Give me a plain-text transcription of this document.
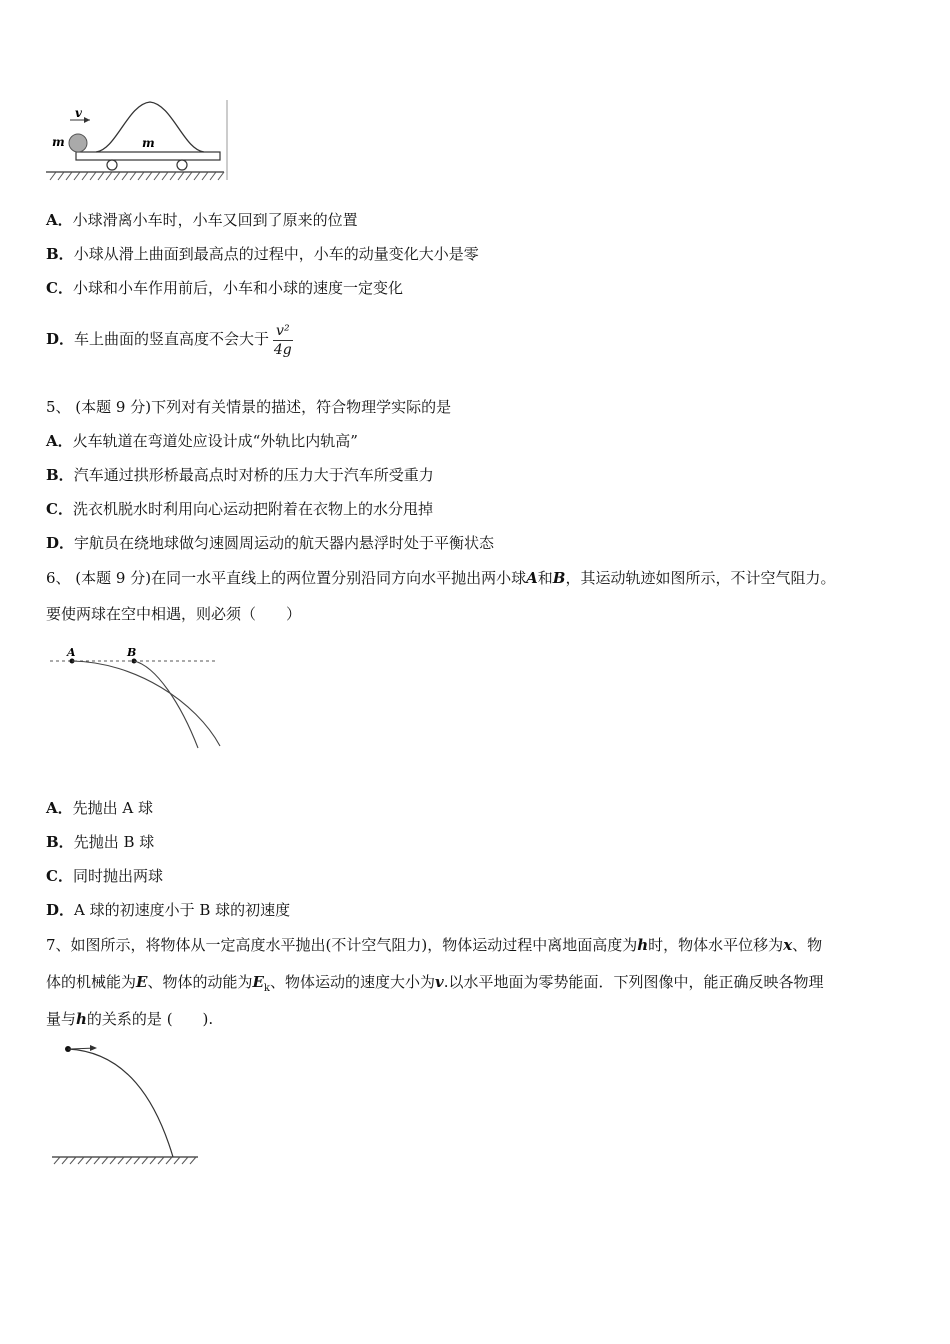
v
m	m
A．小球滑离小车时，小车又回到了原来的位置
B．小球从滑上曲面到最高点的过程中，小车的动量变化大小是零
C．小球和小车作用前后，小车和小球的速度一定变化
D．车上曲面的竖直高度不会大于 $\frac{\text{v²}}{4g}$
5、 (本题 9 分)下列对有关情景的描述，符合物理学实际的是
A．火车轨道在弯道处应设计成“外轨比内轨高”
B．汽车通过拱形桥最高点时对桥的压力大于汽车所受重力
C．洗衣机脱水时利用向心运动把附着在衣物上的水分甩掉
D．宇航员在绕地球做匀速圆周运动的航天器内悬浮时处于平衡状态
6、 (本题 9 分)在同一水平直线上的两位置分别沿同方向水平抛出两小球A和B，其运动轨迹如图所示，不计空气阻力。
要使两球在空中相遇，则必须（　　）
A	B
A．先抛出 A 球
B．先抛出 B 球
C．同时抛出两球
D．A 球的初速度小于 B 球的初速度
7、如图所示，将物体从一定高度水平抛出(不计空气阻力)，物体运动过程中离地面高度为h时，物体水平位移为x、物
体的机械能为E、物体的动能为$E_k$、物体运动的速度大小为v.以水平地面为零势能面．下列图像中，能正确反映各物理
量与h的关系的是 (　　).
